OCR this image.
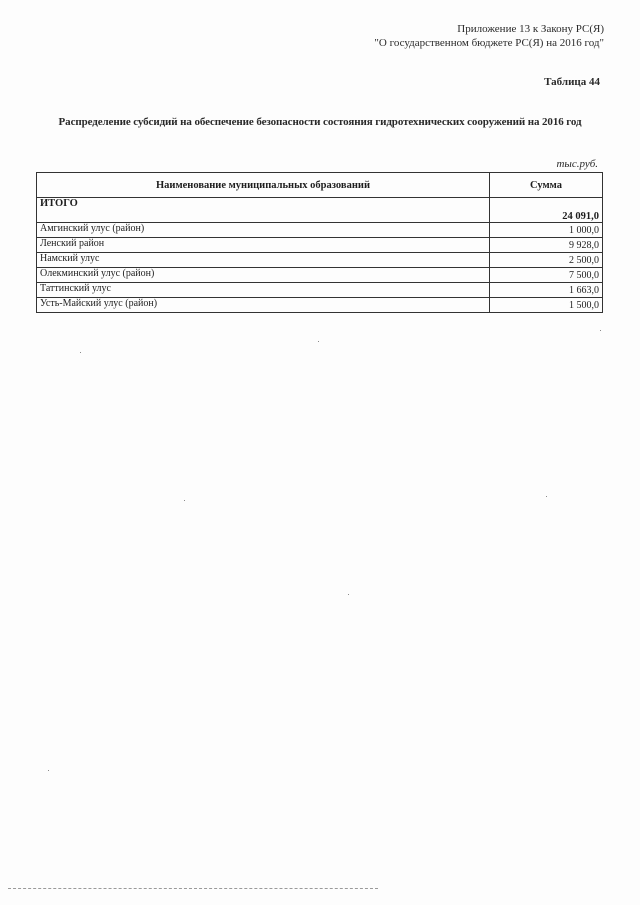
Приложение 13 к Закону РС(Я)
"О государственном бюджете РС(Я) на 2016 год"
Таблица 44
Распределение субсидий на обеспечение безопасности состояния гидротехнических сооружений на 2016 год
тыс.руб.
Наименование муниципальных образований	Сумма
ИТОГО	24 091,0
Амгинский улус (район)	1 000,0
Ленский район	9 928,0
Намский улус	2 500,0
Олекминский улус (район)	7 500,0
Таттинский улус	1 663,0
Усть-Майский улус (район)	1 500,0
